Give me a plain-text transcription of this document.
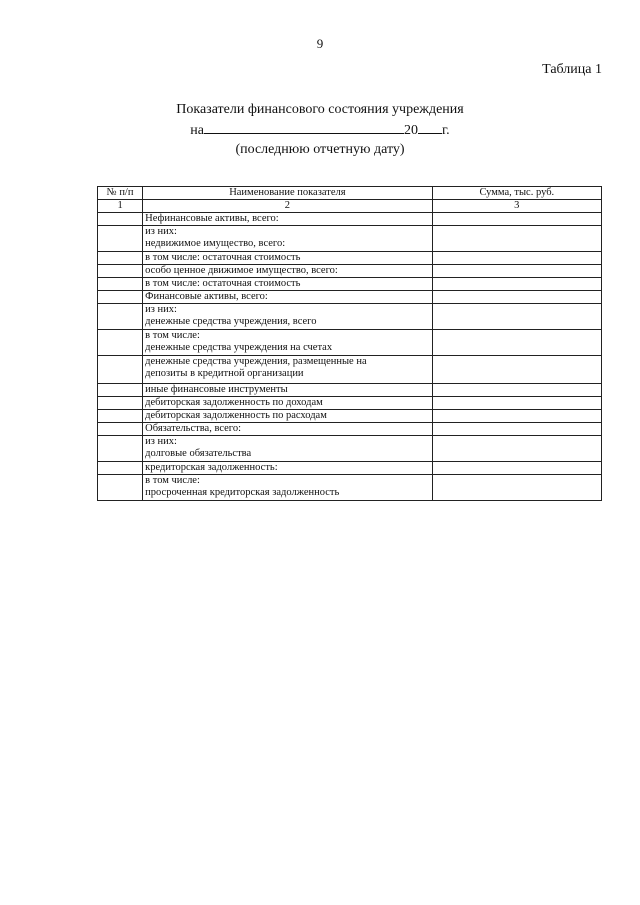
9
Таблица 1
Показатели финансового состояния учреждения
на	20 г.
(последнюю отчетную дату)
№ п/п	Наименование показателя	Сумма, тыс. руб.
1	2	3

	Нефинансовые активы, всего:	

	из них:
недвижимое имущество, всего:	

	в том числе: остаточная стоимость	

	особо ценное движимое имущество, всего:	

	в том числе: остаточная стоимость	

	Финансовые активы, всего:	

	из них:
денежные средства учреждения, всего	

	в том числе:
денежные средства учреждения на счетах	

	денежные средства учреждения, размещенные на
депозиты в кредитной организации	

	иные финансовые инструменты	

	дебиторская задолженность по доходам	

	дебиторская задолженность по расходам	

	Обязательства, всего:	

	из них:
долговые обязательства	

	кредиторская задолженность:	

	в том числе:
просроченная кредиторская задолженность	
